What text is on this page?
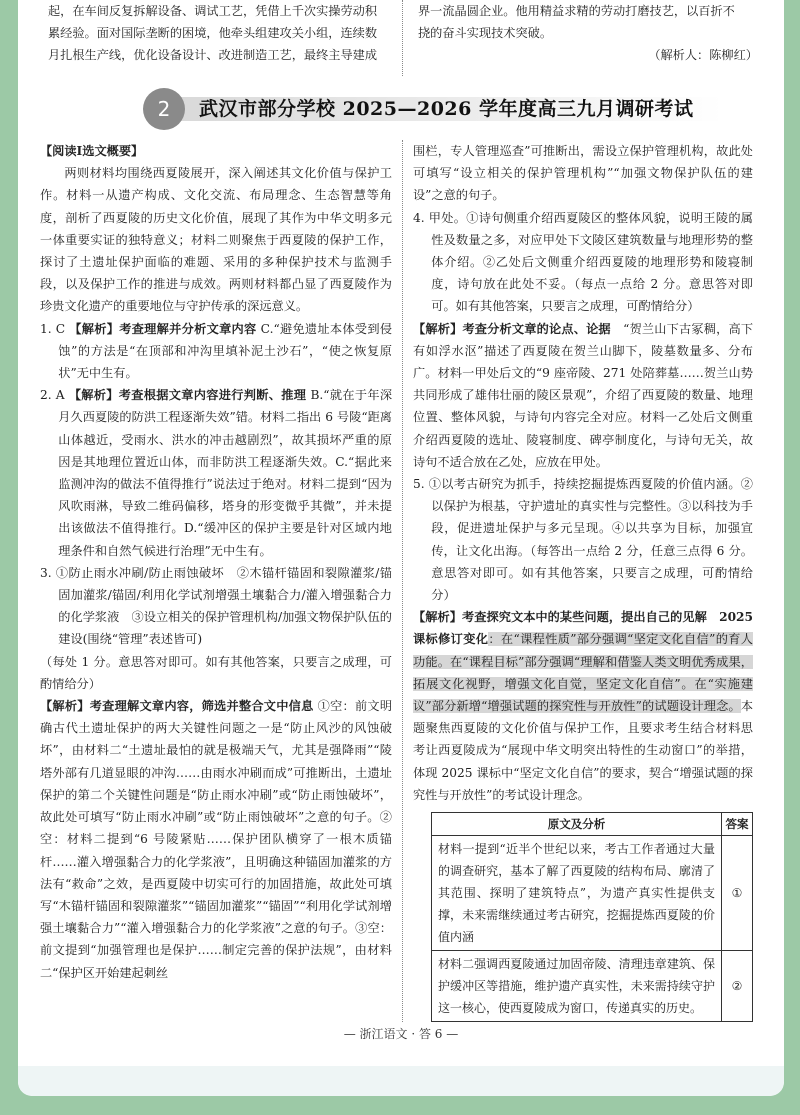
起，在车间反复拆解设备、调试工艺，凭借上千次实操劳动积

累经验。面对国际垄断的困境，他牵头组建攻关小组，连续数

月扎根生产线，优化设备设计、改进制造工艺，最终主导建成

界一流晶圆企业。他用精益求精的劳动打磨技艺，以百折不

挠的奋斗实现技术突破。

（解析人：陈柳红）

2	武汉市部分学校 2025—2026 学年度高三九月调研考试

【阅读Ⅰ选文概要】

两则材料均围绕西夏陵展开，深入阐述其文化价值与保护工作。材料一从遗产构成、文化交流、布局理念、生态智慧等角度，剖析了西夏陵的历史文化价值，展现了其作为中华文明多元一体重要实证的独特意义；材料二则聚焦于西夏陵的保护工作，探讨了土遗址保护面临的难题、采用的多种保护技术与监测手段，以及保护工作的推进与成效。两则材料都凸显了西夏陵作为珍贵文化遗产的重要地位与守护传承的深远意义。

1. C 【解析】考查理解并分析文章内容 C.“避免遗址本体受到侵蚀”的方法是“在顶部和冲沟里填补泥土沙石”，“使之恢复原状”无中生有。

2. A 【解析】考查根据文章内容进行判断、推理 B.“就在于年深月久西夏陵的防洪工程逐渐失效”错。材料二指出 6 号陵“距离山体越近，受雨水、洪水的冲击越剧烈”，故其损坏严重的原因是其地理位置近山体，而非防洪工程逐渐失效。C.“据此来监测冲沟的做法不值得推行”说法过于绝对。材料二提到“因为风吹雨淋，导致二维码偏移，塔身的形变微乎其微”，并未提出该做法不值得推行。D.“缓冲区的保护主要是针对区域内地理条件和自然气候进行治理”无中生有。

3. ①防止雨水冲刷/防止雨蚀破坏　②木锚杆锚固和裂隙灌浆/锚固加灌浆/锚固/利用化学试剂增强土壤黏合力/灌入增强黏合力的化学浆液　③设立相关的保护管理机构/加强文物保护队伍的建设(围绕“管理”表述皆可)

（每处 1 分。意思答对即可。如有其他答案，只要言之成理，可酌情给分）

【解析】考查理解文章内容，筛选并整合文中信息 ①空：前文明确古代土遗址保护的两大关键性问题之一是“防止风沙的风蚀破坏”，由材料二“土遗址最怕的就是极端天气，尤其是强降雨”“陵塔外部有几道显眼的冲沟……由雨水冲刷而成”可推断出，土遗址保护的第二个关键性问题是“防止雨水冲刷”或“防止雨蚀破坏”，故此处可填写“防止雨水冲刷”或“防止雨蚀破坏”之意的句子。②空：材料二提到“6 号陵紧贴……保护团队横穿了一根木质锚杆……灌入增强黏合力的化学浆液”，且明确这种锚固加灌浆的方法有“救命”之效，是西夏陵中切实可行的加固措施，故此处可填写“木锚杆锚固和裂隙灌浆”“锚固加灌浆”“锚固”“利用化学试剂增强土壤黏合力”“灌入增强黏合力的化学浆液”之意的句子。③空：前文提到“加强管理也是保护……制定完善的保护法规”，由材料二“保护区开始建起刺丝

围栏，专人管理巡查”可推断出，需设立保护管理机构，故此处可填写“设立相关的保护管理机构”“加强文物保护队伍的建设”之意的句子。

4. 甲处。①诗句侧重介绍西夏陵区的整体风貌，说明王陵的属性及数量之多，对应甲处下文陵区建筑数量与地理形势的整体介绍。②乙处后文侧重介绍西夏陵的地理形势和陵寝制度，诗句放在此处不妥。（每点一点给 2 分。意思答对即可。如有其他答案，只要言之成理，可酌情给分）

【解析】考查分析文章的论点、论据　“贺兰山下古冢稠，高下有如浮水沤”描述了西夏陵在贺兰山脚下，陵墓数量多、分布广。材料一甲处后文的“9 座帝陵、271 处陪葬墓……贺兰山势共同形成了雄伟壮丽的陵区景观”，介绍了西夏陵的数量、地理位置、整体风貌，与诗句内容完全对应。材料一乙处后文侧重介绍西夏陵的选址、陵寝制度、碑亭制度化，与诗句无关，故诗句不适合放在乙处，应放在甲处。

5. ①以考古研究为抓手，持续挖掘提炼西夏陵的价值内涵。②以保护为根基，守护遗址的真实性与完整性。③以科技为手段，促进遗址保护与多元呈现。④以共享为目标，加强宣传，让文化出海。（每答出一点给 2 分，任意三点得 6 分。意思答对即可。如有其他答案，只要言之成理，可酌情给分）

【解析】考查探究文本中的某些问题，提出自己的见解　 2025 课标修订变化：在“课程性质”部分强调“坚定文化自信”的育人功能。在“课程目标”部分强调“理解和借鉴人类文明优秀成果，拓展文化视野，增强文化自觉，坚定文化自信”。在“实施建议”部分新增“增强试题的探究性与开放性”的试题设计理念。本题聚焦西夏陵的文化价值与保护工作，且要求考生结合材料思考让西夏陵成为“展现中华文明突出特性的生动窗口”的举措，体现 2025 课标中“坚定文化自信”的要求，契合“增强试题的探究性与开放性”的考试设计理念。

原文及分析	答案
材料一提到“近半个世纪以来，考古工作者通过大量的调查研究，基本了解了西夏陵的结构布局、廓清了其范围、探明了建筑特点”，为遗产真实性提供支撑，未来需继续通过考古研究，挖掘提炼西夏陵的价值内涵	①
材料二强调西夏陵通过加固帝陵、清理违章建筑、保护缓冲区等措施，维护遗产真实性，未来需持续守护这一核心，使西夏陵成为窗口，传递真实的历史。	②
— 浙江语文 · 答 6 —
